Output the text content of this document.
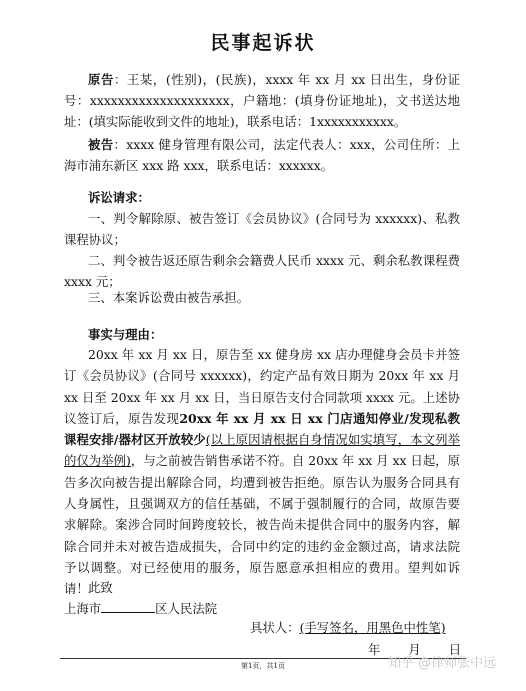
民事起诉状
原告：王某，(性别)，(民族)，xxxx 年 xx 月 xx 日出生，身份证号：xxxxxxxxxxxxxxxxxxxx，户籍地：(填身份证地址)，文书送达地址：(填实际能收到文件的地址)，联系电话：1xxxxxxxxxxx。
被告：xxxx 健身管理有限公司，法定代表人：xxx，公司住所：上海市浦东新区 xxx 路 xxx，联系电话：xxxxxx。
诉讼请求：
一、判令解除原、被告签订《会员协议》(合同号为 xxxxxx)、私教课程协议；
二、判令被告返还原告剩余会籍费人民币 xxxx 元、剩余私教课程费 xxxx 元；
三、本案诉讼费由被告承担。
事实与理由：
20xx 年 xx 月 xx 日，原告至 xx 健身房 xx 店办理健身会员卡并签订《会员协议》(合同号 xxxxxx)，约定产品有效日期为 20xx 年 xx 月 xx 日至 20xx 年 xx 月 xx 日，当日原告支付合同款项 xxxx 元。上述协议签订后，原告发现20xx 年 xx 月 xx 日 xx 门店通知停业/发现私教课程安排/器材区开放较少(以上原因请根据自身情况如实填写，本文列举的仅为举例)，与之前被告销售承诺不符。自 20xx 年 xx 月 xx 日起，原告多次向被告提出解除合同，均遭到被告拒绝。原告认为服务合同具有人身属性，且强调双方的信任基础，不属于强制履行的合同，故原告要求解除。案涉合同时间跨度较长，被告尚未提供合同中的服务内容，解除合同并未对被告造成损失，合同中约定的违约金金额过高，请求法院予以调整。对已经使用的服务，原告愿意承担相应的费用。望判如诉请！ 此致
上海市	区人民法院
具状人：(手写签名，用黑色中性笔)
年 月 日
第1页，共1页	知乎 @律师张中远
